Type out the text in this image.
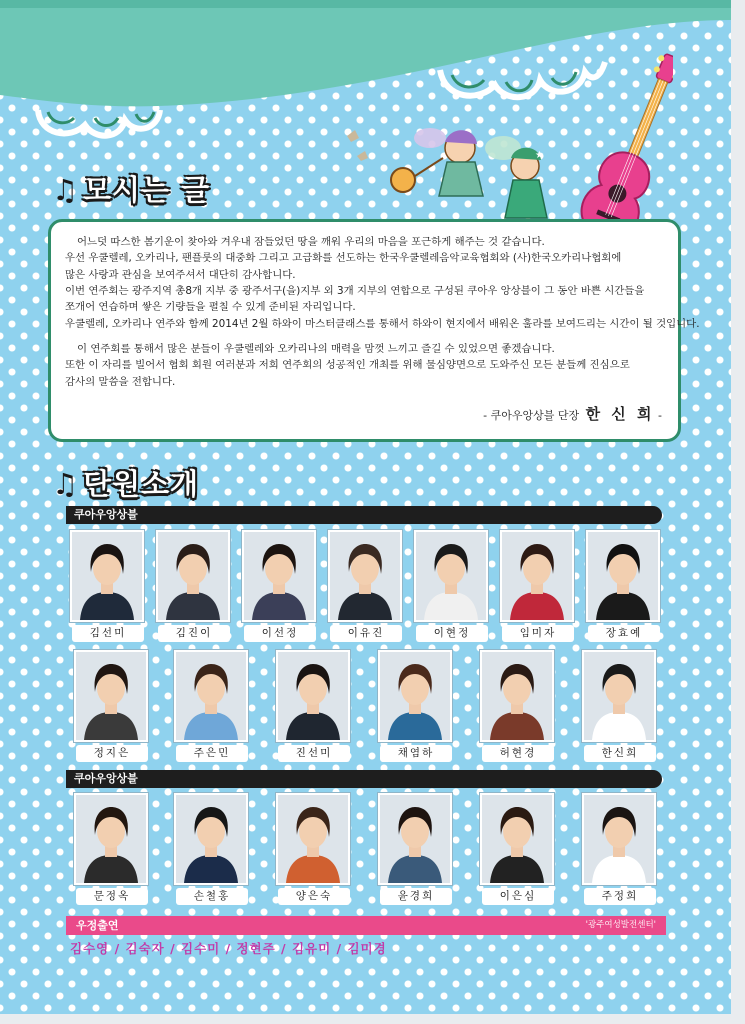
★
♫ 모시는 글

어느덧 따스한 봄기운이 찾아와 겨우내 잠들었던 땅을 깨워 우리의 마음을 포근하게 해주는 것 같습니다.

우선 우쿨렐레, 오카리나, 팬플룻의 대중화 그리고 고급화를 선도하는 한국우쿨렐레음악교육협회와 (사)한국오카리나협회에

많은 사랑과 관심을 보여주셔서 대단히 감사합니다.

이번 연주회는 광주지역 총8개 지부 중 광주서구(을)지부 외 3개 지부의 연합으로 구성된 쿠아우 앙상블이 그 동안 바쁜 시간들을

쪼개어 연습하며 쌓은 기량들을 펼칠 수 있게 준비된 자리입니다.

우쿨렐레, 오카리나 연주와 함께 2014년 2월 하와이 마스터클래스를 통해서 하와이 현지에서 배워온 훌라를 보여드리는 시간이 될 것입니다.

이 연주회를 통해서 많은 분들이 우쿨렐레와 오카리나의 매력을 맘껏 느끼고 즐길 수 있었으면 좋겠습니다.

또한 이 자리를 빌어서 협회 회원 여러분과 저희 연주회의 성공적인 개최를 위해 물심양면으로 도와주신 모든 분들께 진심으로

감사의 말씀을 전합니다.

- 쿠아우앙상블 단장 한 신 희 -
♫ 단원소개
쿠아우앙상블
쿠아우앙상블
김선미	김진이	이선정	이유진	이현정	임미자	장효예
정지은	주은민	진선미	채염하	허현경	한신희
문정옥	손철홍	양은숙	윤경희	이은심	주정희
우정출연	'광주여성발전센터'
김수영 / 김숙자 / 김수미 / 정현주 / 김유미 / 김미경
